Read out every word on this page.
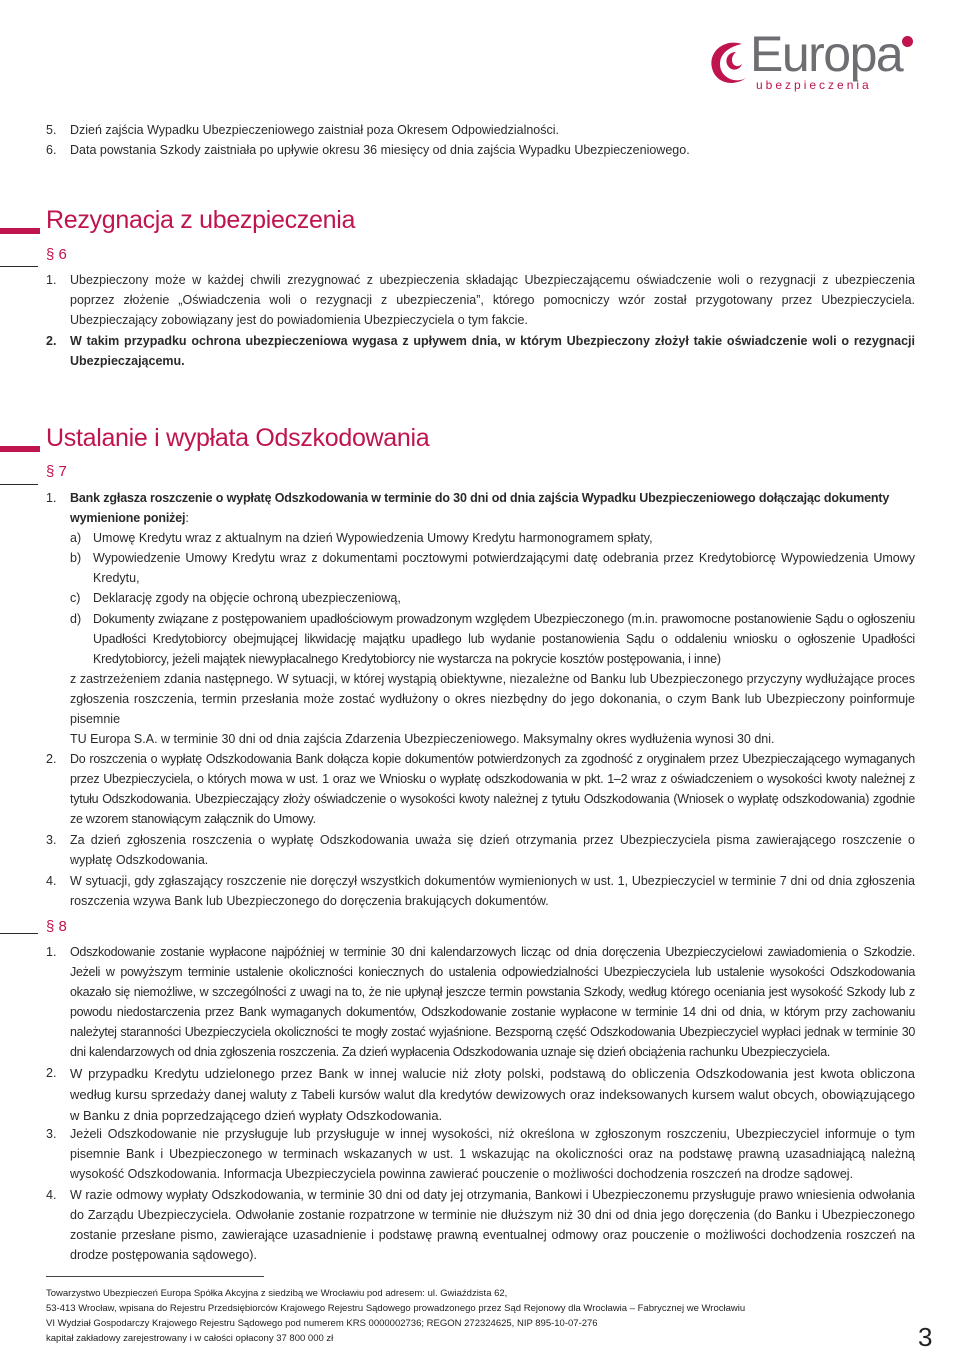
Europa
ubezpieczenia
5. Dzień zajścia Wypadku Ubezpieczeniowego zaistniał poza Okresem Odpowiedzialności.
6. Data powstania Szkody zaistniała po upływie okresu 36 miesięcy od dnia zajścia Wypadku Ubezpieczeniowego.
Rezygnacja z ubezpieczenia
§ 6
1. Ubezpieczony może w każdej chwili zrezygnować z ubezpieczenia składając Ubezpieczającemu oświadczenie woli o rezygnacji z ubezpieczenia poprzez złożenie „Oświadczenia woli o rezygnacji z ubezpieczenia”, którego pomocniczy wzór został przygotowany przez Ubezpieczyciela. Ubezpieczający zobowiązany jest do powiadomienia Ubezpieczyciela o tym fakcie.
2. W takim przypadku ochrona ubezpieczeniowa wygasa z upływem dnia, w którym Ubezpieczony złożył takie oświadczenie woli o rezygnacji Ubezpieczającemu.
Ustalanie i wypłata Odszkodowania
§ 7
1. Bank zgłasza roszczenie o wypłatę Odszkodowania w terminie do 30 dni od dnia zajścia Wypadku Ubezpieczeniowego dołączając dokumenty wymienione poniżej:
a) Umowę Kredytu wraz z aktualnym na dzień Wypowiedzenia Umowy Kredytu harmonogramem spłaty,
b) Wypowiedzenie Umowy Kredytu wraz z dokumentami pocztowymi potwierdzającymi datę odebrania przez Kredytobiorcę Wypowiedzenia Umowy Kredytu,
c) Deklarację zgody na objęcie ochroną ubezpieczeniową,
d) Dokumenty związane z postępowaniem upadłościowym prowadzonym względem Ubezpieczonego (m.in. prawomocne postanowienie Sądu o ogłoszeniu Upadłości Kredytobiorcy obejmującej likwidację majątku upadłego lub wydanie postanowienia Sądu o oddaleniu wniosku o ogłoszenie Upadłości Kredytobiorcy, jeżeli majątek niewypłacalnego Kredytobiorcy nie wystarcza na pokrycie kosztów postępowania, i inne)
z zastrzeżeniem zdania następnego. W sytuacji, w której wystąpią obiektywne, niezależne od Banku lub Ubezpieczonego przyczyny wydłużające proces zgłoszenia roszczenia, termin przesłania może zostać wydłużony o okres niezbędny do jego dokonania, o czym Bank lub Ubezpieczony poinformuje pisemnie
TU Europa S.A. w terminie 30 dni od dnia zajścia Zdarzenia Ubezpieczeniowego. Maksymalny okres wydłużenia wynosi 30 dni.
2. Do roszczenia o wypłatę Odszkodowania Bank dołącza kopie dokumentów potwierdzonych za zgodność z oryginałem przez Ubezpieczającego wymaganych przez Ubezpieczyciela, o których mowa w ust. 1 oraz we Wniosku o wypłatę odszkodowania w pkt. 1–2 wraz z oświadczeniem o wysokości kwoty należnej z tytułu Odszkodowania. Ubezpieczający złoży oświadczenie o wysokości kwoty należnej z tytułu Odszkodowania (Wniosek o wypłatę odszkodowania) zgodnie ze wzorem stanowiącym załącznik do Umowy.
3. Za dzień zgłoszenia roszczenia o wypłatę Odszkodowania uważa się dzień otrzymania przez Ubezpieczyciela pisma zawierającego roszczenie o wypłatę Odszkodowania.
4. W sytuacji, gdy zgłaszający roszczenie nie doręczył wszystkich dokumentów wymienionych w ust. 1, Ubezpieczyciel w terminie 7 dni od dnia zgłoszenia roszczenia wzywa Bank lub Ubezpieczonego do doręczenia brakujących dokumentów.
§ 8
1. Odszkodowanie zostanie wypłacone najpóźniej w terminie 30 dni kalendarzowych licząc od dnia doręczenia Ubezpieczycielowi zawiadomienia o Szkodzie. Jeżeli w powyższym terminie ustalenie okoliczności koniecznych do ustalenia odpowiedzialności Ubezpieczyciela lub ustalenie wysokości Odszkodowania okazało się niemożliwe, w szczególności z uwagi na to, że nie upłynął jeszcze termin powstania Szkody, według którego oceniania jest wysokość Szkody lub z powodu niedostarczenia przez Bank wymaganych dokumentów, Odszkodowanie zostanie wypłacone w terminie 14 dni od dnia, w którym przy zachowaniu należytej staranności Ubezpieczyciela okoliczności te mogły zostać wyjaśnione. Bezsporną część Odszkodowania Ubezpieczyciel wypłaci jednak w terminie 30 dni kalendarzowych od dnia zgłoszenia roszczenia. Za dzień wypłacenia Odszkodowania uznaje się dzień obciążenia rachunku Ubezpieczyciela.
2. W przypadku Kredytu udzielonego przez Bank w innej walucie niż złoty polski, podstawą do obliczenia Odszkodowania jest kwota obliczona według kursu sprzedaży danej waluty z Tabeli kursów walut dla kredytów dewizowych oraz indeksowanych kursem walut obcych, obowiązującego w Banku z dnia poprzedzającego dzień wypłaty Odszkodowania.
3. Jeżeli Odszkodowanie nie przysługuje lub przysługuje w innej wysokości, niż określona w zgłoszonym roszczeniu, Ubezpieczyciel informuje o tym pisemnie Bank i Ubezpieczonego w terminach wskazanych w ust. 1 wskazując na okoliczności oraz na podstawę prawną uzasadniającą należną wysokość Odszkodowania. Informacja Ubezpieczyciela powinna zawierać pouczenie o możliwości dochodzenia roszczeń na drodze sądowej.
4. W razie odmowy wypłaty Odszkodowania, w terminie 30 dni od daty jej otrzymania, Bankowi i Ubezpieczonemu przysługuje prawo wniesienia odwołania do Zarządu Ubezpieczyciela. Odwołanie zostanie rozpatrzone w terminie nie dłuższym niż 30 dni od dnia jego doręczenia (do Banku i Ubezpieczonego zostanie przesłane pismo, zawierające uzasadnienie i podstawę prawną eventualnej odmowy oraz pouczenie o możliwości dochodzenia roszczeń na drodze postępowania sądowego).
Towarzystwo Ubezpieczeń Europa Spółka Akcyjna z siedzibą we Wrocławiu pod adresem: ul. Gwiaździsta 62,
53-413 Wrocław, wpisana do Rejestru Przedsiębiorców Krajowego Rejestru Sądowego prowadzonego przez Sąd Rejonowy dla Wrocławia – Fabrycznej we Wrocławiu
VI Wydział Gospodarczy Krajowego Rejestru Sądowego pod numerem KRS 0000002736; REGON 272324625, NIP 895-10-07-276
kapitał zakładowy zarejestrowany i w całości opłacony 37 800 000 zł	3
